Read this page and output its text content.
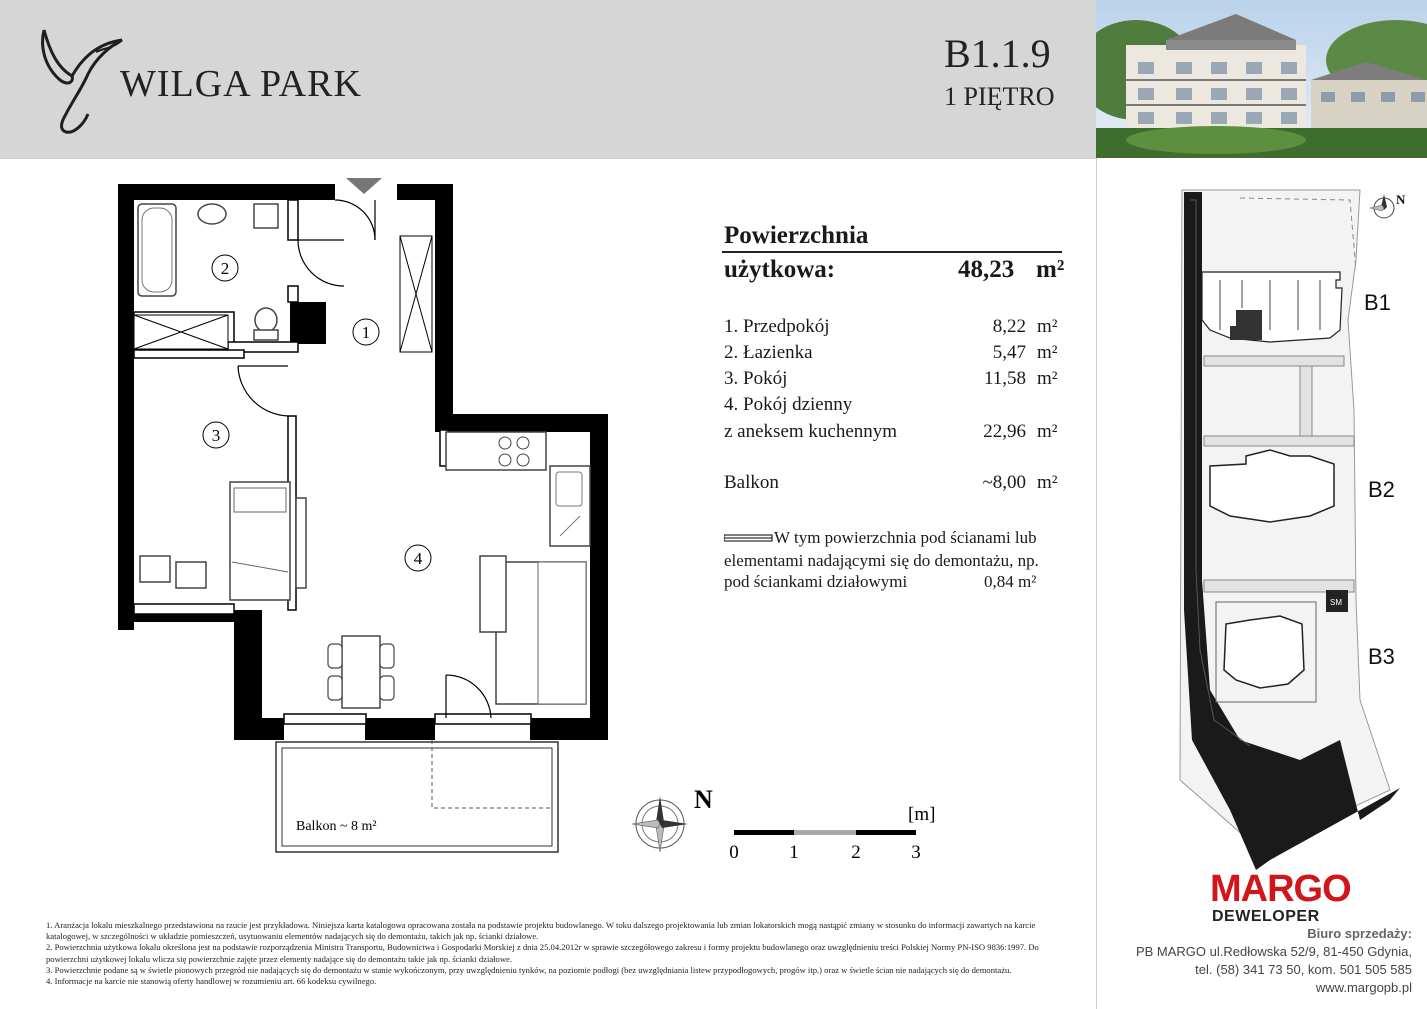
WILGA PARK
B1.1.9
1 PIĘTRO
1
2
3
4
Balkon ~ 8 m²
N
[m]
0	1	2	3
Powierzchnia
użytkowa:	48,23 m²
1. Przedpokój	8,22 m²
2. Łazienka	5,47 m²
3. Pokój	11,58 m²
4. Pokój dzienny
z aneksem kuchennym	22,96 m²
Balkon	~8,00 m²
W tym powierzchnia pod ścianami lub
elementami nadającymi się do demontażu, np.
pod ściankami działowymi	0,84 m²
SM
N
ul. Ptasia
B1
B2
B3
MARGO
DEWELOPER
Biuro sprzedaży:
PB MARGO ul.Redłowska 52/9, 81-450 Gdynia,
tel. (58) 341 73 50, kom. 501 505 585
www.margopb.pl

1. Aranżacja lokalu mieszkalnego przedstawiona na rzucie jest przykładowa. Niniejsza karta katalogowa opracowana została na podstawie projektu budowlanego. W toku dalszego projektowania lub zmian lokatorskich mogą nastąpić zmiany w stosunku do informacji zawartych na karcie katalogowej, w szczególności w układzie pomieszczeń, usytuowaniu elementów nadających się do demontażu, takich jak np. ścianki działowe.

2. Powierzchnia użytkowa lokalu określona jest na podstawie rozporządzenia Ministra Transportu, Budownictwa i Gospodarki Morskiej z dnia 25.04.2012r w sprawie szczegółowego zakresu i formy projektu budowlanego oraz uwzględnieniu treści Polskiej Normy PN-ISO 9836:1997. Do powierzchni użytkowej lokalu wlicza się powierzchnie zajęte przez elementy nadające się do demontażu takie jak np. ścianki działowe.

3. Powierzchnie podane są w świetle pionowych przegród nie nadających się do demontażu w stanie wykończonym, przy uwzględnieniu tynków, na poziomie podłogi (bez uwzględniania listew przypodłogowych, progów itp.) oraz w świetle ścian nie nadających się do demontażu.

4. Informacje na karcie nie stanowią oferty handlowej w rozumieniu art. 66 kodeksu cywilnego.
